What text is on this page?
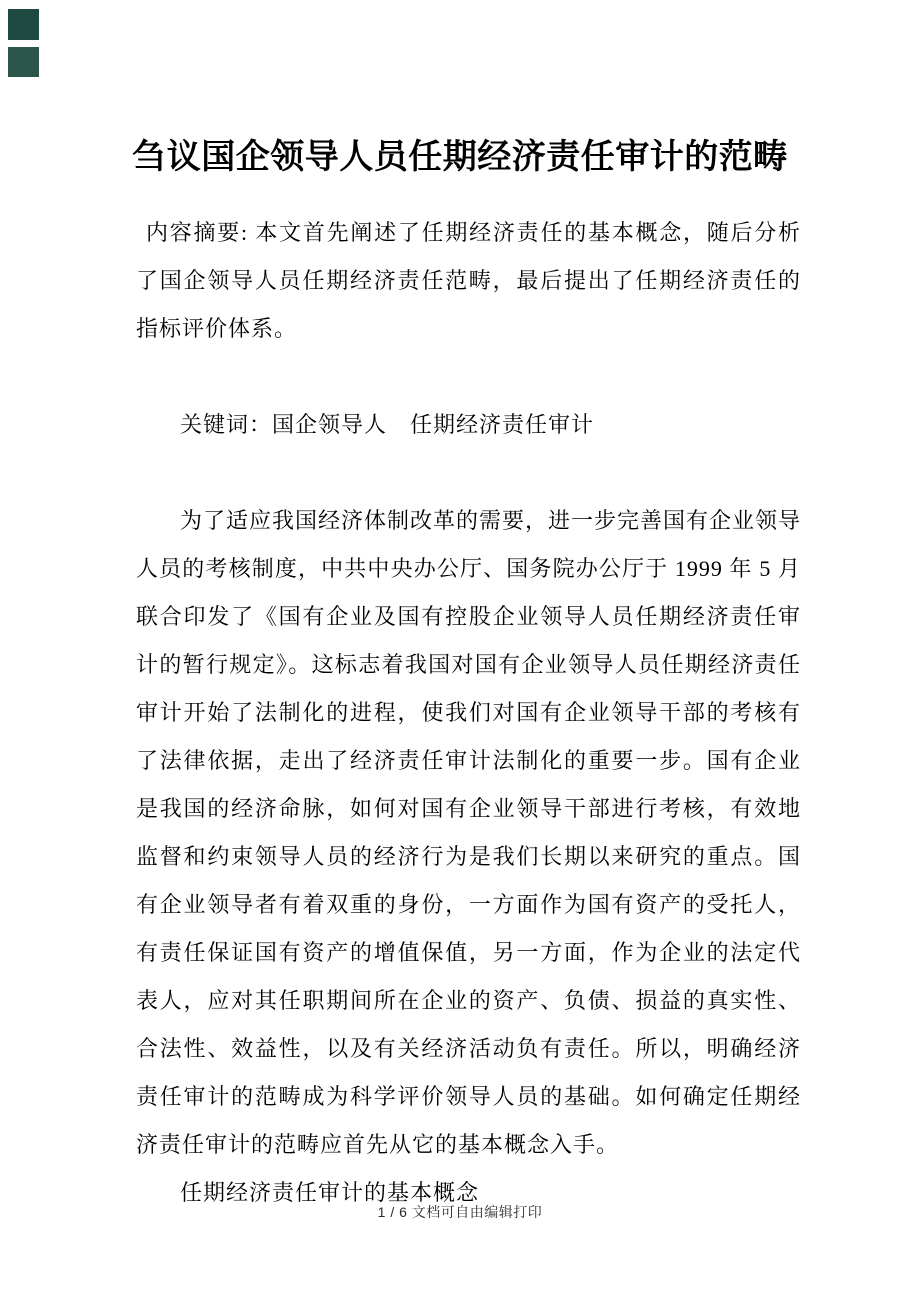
刍议国企领导人员任期经济责任审计的范畴

内容摘要: 本文首先阐述了任期经济责任的基本概念，随后分析了国企领导人员任期经济责任范畴，最后提出了任期经济责任的指标评价体系。

关键词：国企领导人　任期经济责任审计

为了适应我国经济体制改革的需要，进一步完善国有企业领导人员的考核制度，中共中央办公厅、国务院办公厅于 1999 年 5 月联合印发了《国有企业及国有控股企业领导人员任期经济责任审计的暂行规定》。这标志着我国对国有企业领导人员任期经济责任审计开始了法制化的进程，使我们对国有企业领导干部的考核有了法律依据，走出了经济责任审计法制化的重要一步。国有企业是我国的经济命脉，如何对国有企业领导干部进行考核，有效地监督和约束领导人员的经济行为是我们长期以来研究的重点。国有企业领导者有着双重的身份，一方面作为国有资产的受托人，有责任保证国有资产的增值保值，另一方面，作为企业的法定代表人，应对其任职期间所在企业的资产、负债、损益的真实性、合法性、效益性，以及有关经济活动负有责任。所以，明确经济责任审计的范畴成为科学评价领导人员的基础。如何确定任期经济责任审计的范畴应首先从它的基本概念入手。

任期经济责任审计的基本概念

1 / 6 文档可自由编辑打印
